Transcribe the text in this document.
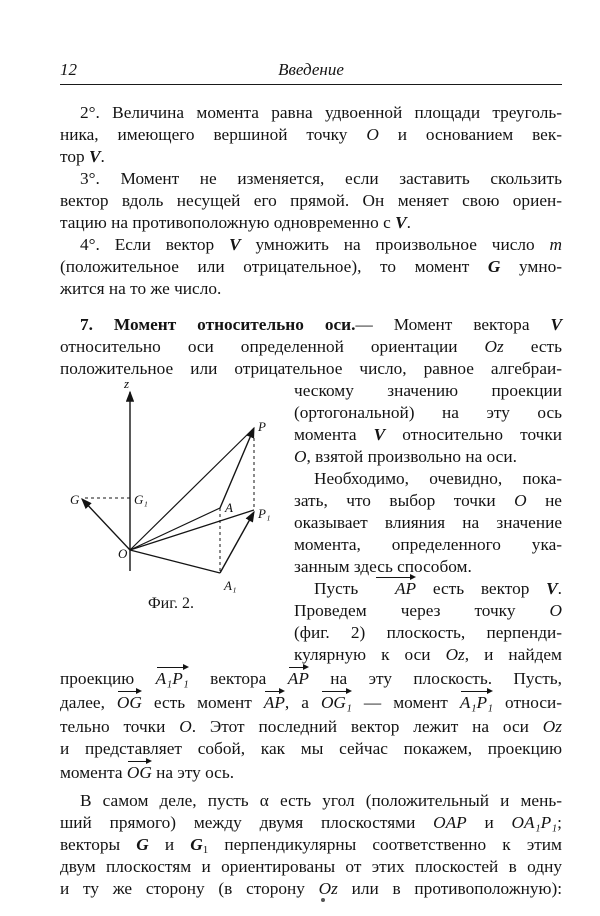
12	Введение
2°. Величина момента равна удвоенной площади треуголь-
ника, имеющего вершиной точку O и основанием век-
тор V.
3°. Момент не изменяется, если заставить скользить
вектор вдоль несущей его прямой. Он меняет свою ориен-
тацию на противоположную одновременно с V.
4°. Если вектор V умножить на произвольное число m
(положительное или отрицательное), то момент G умно-
жится на то же число.
7. Момент относительно оси.— Момент вектора V
относительно оси определенной ориентации Oz есть
положительное или отрицательное число, равное алгебраи-
ческому значению проекции
(ортогональной) на эту ось
момента V относительно точки
O, взятой произвольно на оси.
Необходимо, очевидно, пока-
зать, что выбор точки O не
оказывает влияния на значение
момента, определенного ука-
занным здесь способом.
Пусть AP есть вектор V.
Проведем через точку O
(фиг. 2) плоскость, перпенди-
кулярную к оси Oz, и найдем
проекцию A₁P₁ вектора AP на эту плоскость. Пусть,
далее, OG есть момент AP, а OG₁ — момент A₁P₁ относи-
тельно точки O. Этот последний вектор лежит на оси Oz
и представляет собой, как мы сейчас покажем, проекцию
момента OG на эту ось.
В самом деле, пусть α есть угол (положительный и мень-
ший прямого) между двумя плоскостями OAP и OA₁P₁;
векторы G и $G_1$ перпендикулярны соответственно к этим
двум плоскостям и ориентированы от этих плоскостей в одну
и ту же сторону (в сторону Oz или в противоположную):
z
P
A P₁
A₁
O
G	G₁
Фиг. 2.
